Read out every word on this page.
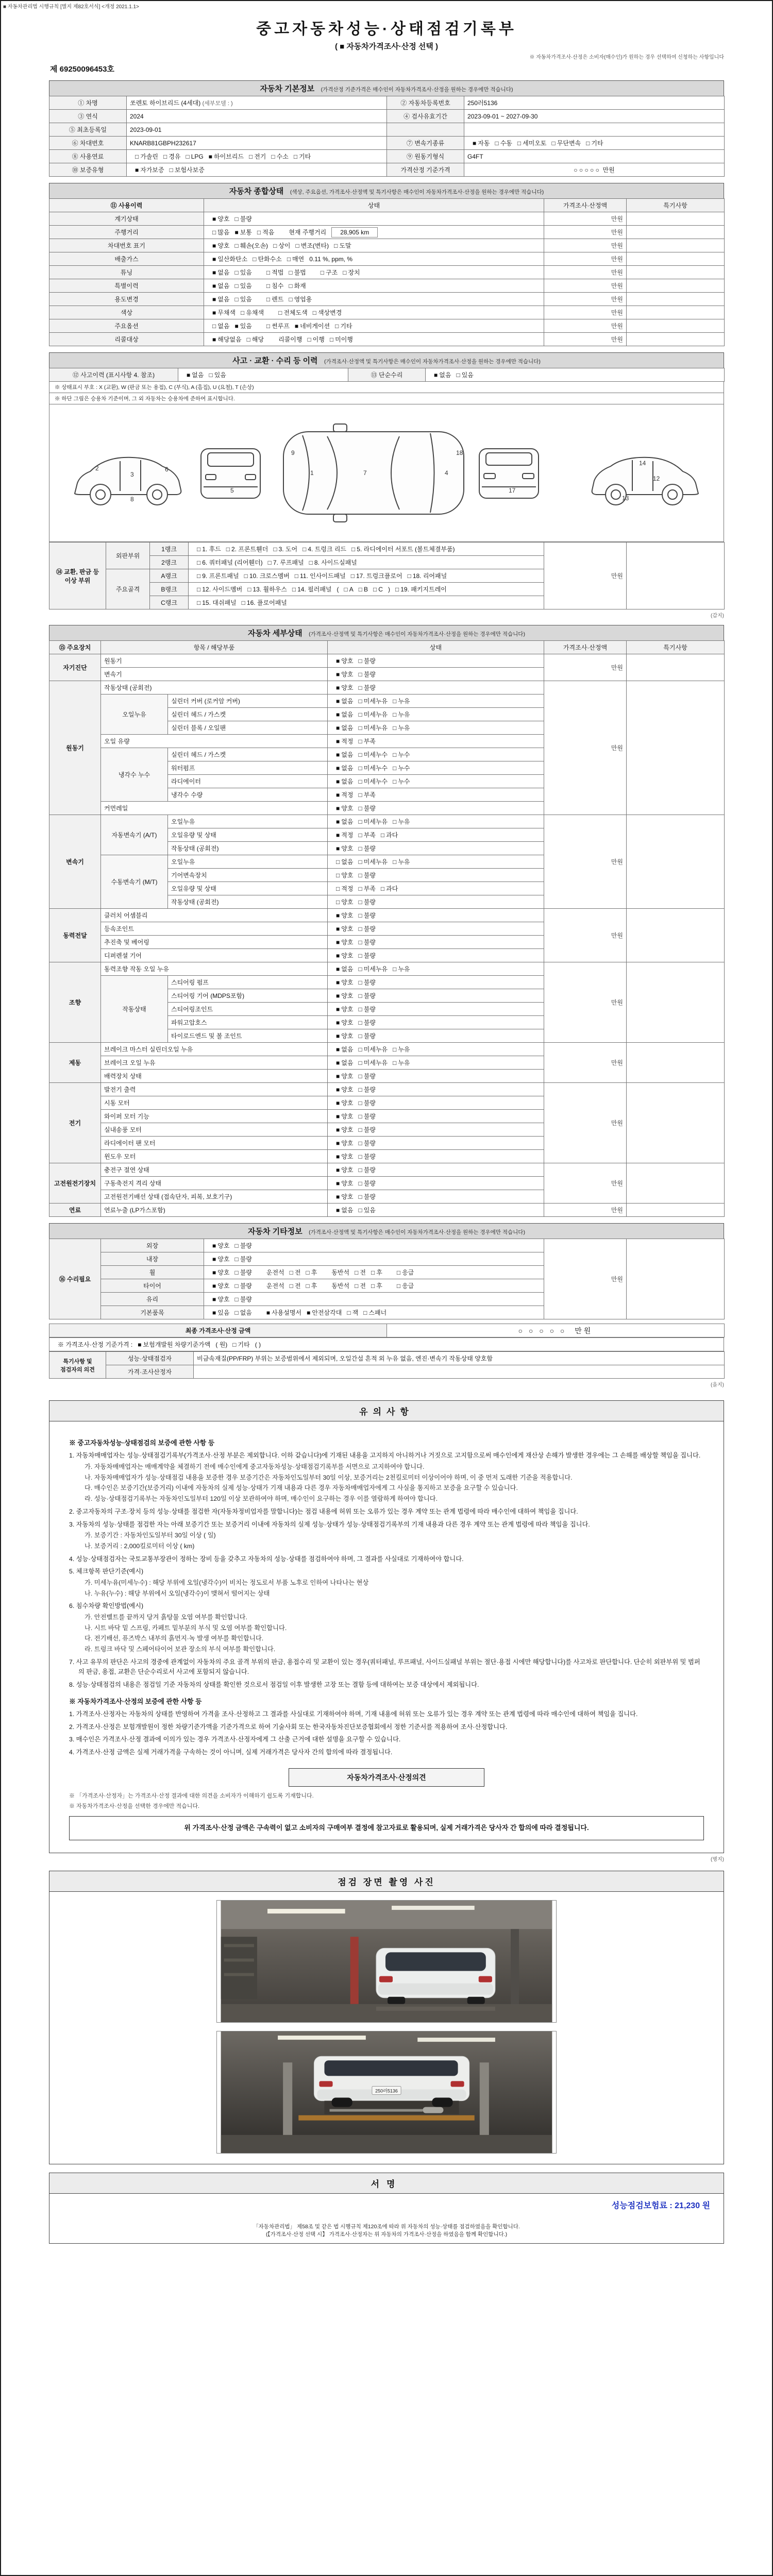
■ 자동차관리법 시행규칙 [별지 제82호서식] <개정 2021.1.1>
중고자동차성능·상태점검기록부
( ■ 자동차가격조사·산정 선택 )
※ 자동차가격조사·산정은 소비자(매수인)가 원하는 경우 선택하여 신청하는 사항입니다
제 69250096453호
자동차 기본정보 (가격산정 기준가격은 매수인이 자동차가격조사·산정을 원하는 경우에만 적습니다)
① 차명	쏘렌토 하이브리드 (4세대) (세부모델 : )	② 자동차등록번호	250러5136
③ 연식	2024	④ 검사유효기간	2023-09-01 ~ 2027-09-30
⑤ 최초등록일	2023-09-01		
⑥ 차대번호	KNARB81GBPH232617	⑦ 변속기종류	■ 자동 □ 수동 □ 세미오토 □ 무단변속 □ 기타
⑧ 사용연료	□ 가솔린 □ 경유 □ LPG ■ 하이브리드 □ 전기 □ 수소 □ 기타	⑨ 원동기형식	G4FT
⑩ 보증유형	■ 자가보증 □ 보험사보증	가격산정 기준가격	○ ○ ○ ○ ○ 만원
자동차 종합상태 (색상, 주요옵션, 가격조사·산정액 및 특기사항은 매수인이 자동차가격조사·산정을 원하는 경우에만 적습니다)
⑪ 사용이력	상태	가격조사·산정액	특기사항
계기상태	■ 양호 □ 불량	만원	
주행거리	□ 많음 ■ 보통 □ 적음 현재 주행거리 28,905 km	만원	
차대번호 표기	■ 양호 □ 훼손(오손) □ 상이 □ 변조(변타) □ 도말	만원	
배출가스	■ 일산화탄소 □ 탄화수소 □ 매연 0.11 %, ppm, %	만원	
튜닝	■ 없음 □ 있음 □ 적법 □ 불법 □ 구조 □ 장치	만원	
특별이력	■ 없음 □ 있음 □ 침수 □ 화재	만원	
용도변경	■ 없음 □ 있음 □ 렌트 □ 영업용	만원	
색상	■ 무채색 □ 유채색 □ 전체도색 □ 색상변경	만원	
주요옵션	□ 없음 ■ 있음 □ 썬루프 ■ 네비게이션 □ 기타	만원	
리콜대상	■ 해당없음 □ 해당 리콜이행 □ 이행 □ 미이행	만원	
사고 · 교환 · 수리 등 이력 (가격조사·산정액 및 특기사항은 매수인이 자동차가격조사·산정을 원하는 경우에만 적습니다)
⑫ 사고이력 (표시사항 4. 참조)	■ 없음 □ 있음	⑬ 단순수리	■ 없음 □ 있음
※ 상태표시 부호 : X (교환), W (판금 또는 용접), C (부식), A (흠집), U (요철), T (손상)
※ 하단 그림은 승용차 기준이며, 그 외 자동차는 승용차에 준하여 표시합니다.
1
2
3	4
5
6	7
8
9
12
13
14
17
18
⑭ 교환, 판금 등 이상 부위	외판부위	1랭크	□ 1. 후드 □ 2. 프론트휀더 □ 3. 도어 □ 4. 트렁크 리드 □ 5. 라디에이터 서포트 (볼트체결부품)	만원	
		2랭크	□ 6. 쿼터패널 (리어휀더) □ 7. 루프패널 □ 8. 사이드실패널		
	주요골격	A랭크	□ 9. 프론트패널 □ 10. 크로스멤버 □ 11. 인사이드패널 □ 17. 트렁크플로어 □ 18. 리어패널		
		B랭크	□ 12. 사이드멤버 □ 13. 휠하우스 □ 14. 필러패널 ( □ A □ B □ C ) □ 19. 패키지트레이		
		C랭크	□ 15. 대쉬패널 □ 16. 플로어패널		
(갑지)
자동차 세부상태 (가격조사·산정액 및 특기사항은 매수인이 자동차가격조사·산정을 원하는 경우에만 적습니다)
⑮ 주요장치	항목 / 해당부품		상태	가격조사·산정액	특기사항
자기진단	원동기		■ 양호 □ 불량	만원	
	변속기		■ 양호 □ 불량		
원동기	작동상태 (공회전)		■ 양호 □ 불량	만원	
	오일누유	실린더 커버 (로커암 커버)	■ 없음 □ 미세누유 □ 누유		
		실린더 헤드 / 가스켓	■ 없음 □ 미세누유 □ 누유		
		실린더 블록 / 오일팬	■ 없음 □ 미세누유 □ 누유		
	오일 유량		■ 적정 □ 부족		
	냉각수 누수	실린더 헤드 / 가스켓	■ 없음 □ 미세누수 □ 누수		
		워터펌프	■ 없음 □ 미세누수 □ 누수		
		라디에이터	■ 없음 □ 미세누수 □ 누수		
		냉각수 수량	■ 적정 □ 부족		
	커먼레일		■ 양호 □ 불량		
변속기	자동변속기 (A/T)	오일누유	■ 없음 □ 미세누유 □ 누유	만원	
		오일유량 및 상태	■ 적정 □ 부족 □ 과다		
		작동상태 (공회전)	■ 양호 □ 불량		
	수동변속기 (M/T)	오일누유	□ 없음 □ 미세누유 □ 누유		
		기어변속장치	□ 양호 □ 불량		
		오일유량 및 상태	□ 적정 □ 부족 □ 과다		
		작동상태 (공회전)	□ 양호 □ 불량		
동력전달	클러치 어셈블리		■ 양호 □ 불량	만원	
	등속조인트		■ 양호 □ 불량		
	추진축 및 베어링		■ 양호 □ 불량		
	디퍼렌셜 기어		■ 양호 □ 불량		
조향	동력조향 작동 오일 누유		■ 없음 □ 미세누유 □ 누유	만원	
	작동상태	스티어링 펌프	■ 양호 □ 불량		
		스티어링 기어 (MDPS포함)	■ 양호 □ 불량		
		스티어링조인트	■ 양호 □ 불량		
		파워고압호스	■ 양호 □ 불량		
		타이로드엔드 및 볼 조인트	■ 양호 □ 불량		
제동	브레이크 마스터 실린더오일 누유		■ 없음 □ 미세누유 □ 누유	만원	
	브레이크 오일 누유		■ 없음 □ 미세누유 □ 누유		
	배력장치 상태		■ 양호 □ 불량		
전기	발전기 출력		■ 양호 □ 불량	만원	
	시동 모터		■ 양호 □ 불량		
	와이퍼 모터 기능		■ 양호 □ 불량		
	실내송풍 모터		■ 양호 □ 불량		
	라디에이터 팬 모터		■ 양호 □ 불량		
	윈도우 모터		■ 양호 □ 불량		
고전원전기장치	충전구 절연 상태		■ 양호 □ 불량	만원	
	구동축전지 격리 상태		■ 양호 □ 불량		
	고전원전기배선 상태 (접속단자, 피복, 보호기구)		■ 양호 □ 불량		
연료	연료누출 (LP가스포함)		■ 없음 □ 있음	만원	
자동차 기타정보 (가격조사·산정액 및 특기사항은 매수인이 자동차가격조사·산정을 원하는 경우에만 적습니다)
⑯ 수리필요	외장	■ 양호 □ 불량	만원	
	내장	■ 양호 □ 불량		
	휠	■ 양호 □ 불량 운전석 □ 전 □ 후 동반석 □ 전 □ 후 □ 응급		
	타이어	■ 양호 □ 불량 운전석 □ 전 □ 후 동반석 □ 전 □ 후 □ 응급		
	유리	■ 양호 □ 불량		
	기본품목	■ 있음 □ 없음 ■ 사용설명서 ■ 안전삼각대 □ 잭 □ 스패너		
최종 가격조사·산정 금액	○ ○ ○ ○ ○ 만원
※ 가격조사·산정 기준가격 : ■ 보험개발원 차량기준가액 ( 원) □ 기타 ( )
특기사항 및 점검자의 의견	성능·상태점검자	비금속재질(PP/FRP) 부위는 보증범위에서 제외되며, 오일간섭 흔적 외 누유 없음, 엔진·변속기 작동상태 양호함
	가격·조사산정자	
(을지)
유의사항
※ 중고자동차성능·상태점검의 보증에 관한 사항 등
1. 자동차매매업자는 성능·상태점검기록부(가격조사·산정 부분은 제외합니다. 이하 같습니다)에 기재된 내용을 고지하지 아니하거나 거짓으로 고지함으로써 매수인에게 재산상 손해가 발생한 경우에는 그 손해를 배상할 책임을 집니다.
가. 자동차매매업자는 매매계약을 체결하기 전에 매수인에게 중고자동차성능·상태점검기록부를 서면으로 고지하여야 합니다.
나. 자동차매매업자가 성능·상태점검 내용을 보증한 경우 보증기간은 자동차인도일부터 30일 이상, 보증거리는 2천킬로미터 이상이어야 하며, 이 중 먼저 도래한 기준을 적용합니다.
다. 매수인은 보증기간(보증거리) 이내에 자동차의 실제 성능·상태가 기재 내용과 다른 경우 자동차매매업자에게 그 사실을 통지하고 보증을 요구할 수 있습니다.
라. 성능·상태점검기록부는 자동차인도일부터 120일 이상 보관하여야 하며, 매수인이 요구하는 경우 이를 열람하게 하여야 합니다.
2. 중고자동차의 구조·장치 등의 성능·상태를 점검한 자(자동차정비업자를 말합니다)는 점검 내용에 허위 또는 오류가 있는 경우 계약 또는 관계 법령에 따라 매수인에 대하여 책임을 집니다.
3. 자동차의 성능·상태를 점검한 자는 아래 보증기간 또는 보증거리 이내에 자동차의 실제 성능·상태가 성능·상태점검기록부의 기재 내용과 다른 경우 계약 또는 관계 법령에 따라 책임을 집니다.
가. 보증기간 : 자동차인도일부터 30일 이상 ( 일)
나. 보증거리 : 2,000킬로미터 이상 ( km)
4. 성능·상태점검자는 국토교통부장관이 정하는 장비 등을 갖추고 자동차의 성능·상태를 점검하여야 하며, 그 결과를 사실대로 기재하여야 합니다.
5. 체크항목 판단기준(예시)
가. 미세누유(미세누수) : 해당 부위에 오일(냉각수)이 비치는 정도로서 부품 노후로 인하여 나타나는 현상
나. 누유(누수) : 해당 부위에서 오일(냉각수)이 맺혀서 떨어지는 상태
6. 침수차량 확인방법(예시)
가. 안전벨트를 끝까지 당겨 흙탕물 오염 여부를 확인합니다.
나. 시트 바닥 밑 스프링, 카페트 밑부분의 부식 및 오염 여부를 확인합니다.
다. 전기배선, 퓨즈박스 내부의 흙먼지·녹 발생 여부를 확인합니다.
라. 트렁크 바닥 및 스페어타이어 보관 장소의 부식 여부를 확인합니다.
7. 사고 유무의 판단은 사고의 경중에 관계없이 자동차의 주요 골격 부위의 판금, 용접수리 및 교환이 있는 경우(쿼터패널, 루프패널, 사이드실패널 부위는 절단·용접 시에만 해당합니다)를 사고차로 판단합니다. 단순히 외판부위 및 범퍼의 판금, 용접, 교환은 단순수리로서 사고에 포함되지 않습니다.
8. 성능·상태점검의 내용은 점검일 기준 자동차의 상태를 확인한 것으로서 점검일 이후 발생한 고장 또는 결함 등에 대하여는 보증 대상에서 제외됩니다.
※ 자동차가격조사·산정의 보증에 관한 사항 등
1. 가격조사·산정자는 자동차의 상태를 반영하여 가격을 조사·산정하고 그 결과를 사실대로 기재하여야 하며, 기재 내용에 허위 또는 오류가 있는 경우 계약 또는 관계 법령에 따라 매수인에 대하여 책임을 집니다.
2. 가격조사·산정은 보험개발원이 정한 차량기준가액을 기준가격으로 하여 기술사회 또는 한국자동차진단보증협회에서 정한 기준서를 적용하여 조사·산정합니다.
3. 매수인은 가격조사·산정 결과에 이의가 있는 경우 가격조사·산정자에게 그 산출 근거에 대한 설명을 요구할 수 있습니다.
4. 가격조사·산정 금액은 실제 거래가격을 구속하는 것이 아니며, 실제 거래가격은 당사자 간의 합의에 따라 결정됩니다.
자동차가격조사·산정의견
※ 「가격조사·산정자」는 가격조사·산정 결과에 대한 의견을 소비자가 이해하기 쉽도록 기재합니다.
※ 자동차가격조사·산정을 선택한 경우에만 적습니다.
위 가격조사·산정 금액은 구속력이 없고 소비자의 구매여부 결정에 참고자료로 활용되며, 실제 거래가격은 당사자 간 합의에 따라 결정됩니다.
(병지)
점검 장면 촬영 사진
250러5136
서명
성능점검보험료 : 21,230 원
「자동차관리법」 제58조 및 같은 법 시행규칙 제120조에 따라 위 자동차의 성능·상태를 점검하였음을 확인합니다.
(【가격조사·산정 선택 시】 가격조사·산정자는 위 자동차의 가격조사·산정을 하였음을 함께 확인합니다.)
